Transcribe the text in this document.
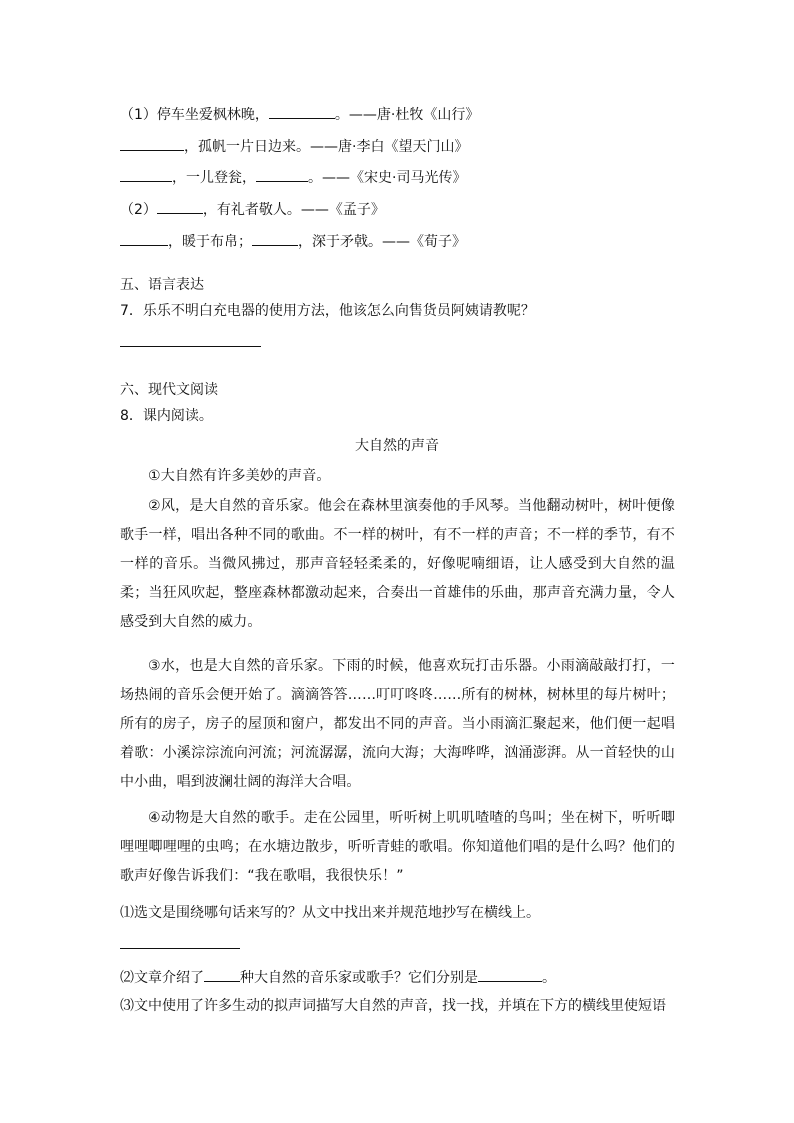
（1）停车坐爱枫林晚，	。——唐·杜牧《山行》
，孤帆一片日边来。——唐·李白《望天门山》
，一儿登瓮，	。——《宋史·司马光传》
（2）	，有礼者敬人。——《孟子》
，暖于布帛；	，深于矛戟。——《荀子》
五、语言表达
7．乐乐不明白充电器的使用方法，他该怎么向售货员阿姨请教呢？
六、现代文阅读
8．课内阅读。
大自然的声音
①大自然有许多美妙的声音。
②风，是大自然的音乐家。他会在森林里演奏他的手风琴。当他翻动树叶，树叶便像歌手一样，唱出各种不同的歌曲。不一样的树叶，有不一样的声音；不一样的季节，有不一样的音乐。当微风拂过，那声音轻轻柔柔的，好像呢喃细语，让人感受到大自然的温柔；当狂风吹起，整座森林都激动起来，合奏出一首雄伟的乐曲，那声音充满力量，令人感受到大自然的威力。
③水，也是大自然的音乐家。下雨的时候，他喜欢玩打击乐器。小雨滴敲敲打打，一场热闹的音乐会便开始了。滴滴答答……叮叮咚咚……所有的树林，树林里的每片树叶；所有的房子，房子的屋顶和窗户，都发出不同的声音。当小雨滴汇聚起来，他们便一起唱着歌：小溪淙淙流向河流；河流潺潺，流向大海；大海哗哗，汹涌澎湃。从一首轻快的山中小曲，唱到波澜壮阔的海洋大合唱。
④动物是大自然的歌手。走在公园里，听听树上叽叽喳喳的鸟叫；坐在树下，听听唧哩哩唧哩哩的虫鸣；在水塘边散步，听听青蛙的歌唱。你知道他们唱的是什么吗？他们的歌声好像告诉我们：“我在歌唱，我很快乐！”
⑴选文是围绕哪句话来写的？从文中找出来并规范地抄写在横线上。
⑵文章介绍了	种大自然的音乐家或歌手？它们分别是	。
⑶文中使用了许多生动的拟声词描写大自然的声音，找一找，并填在下方的横线里使短语
